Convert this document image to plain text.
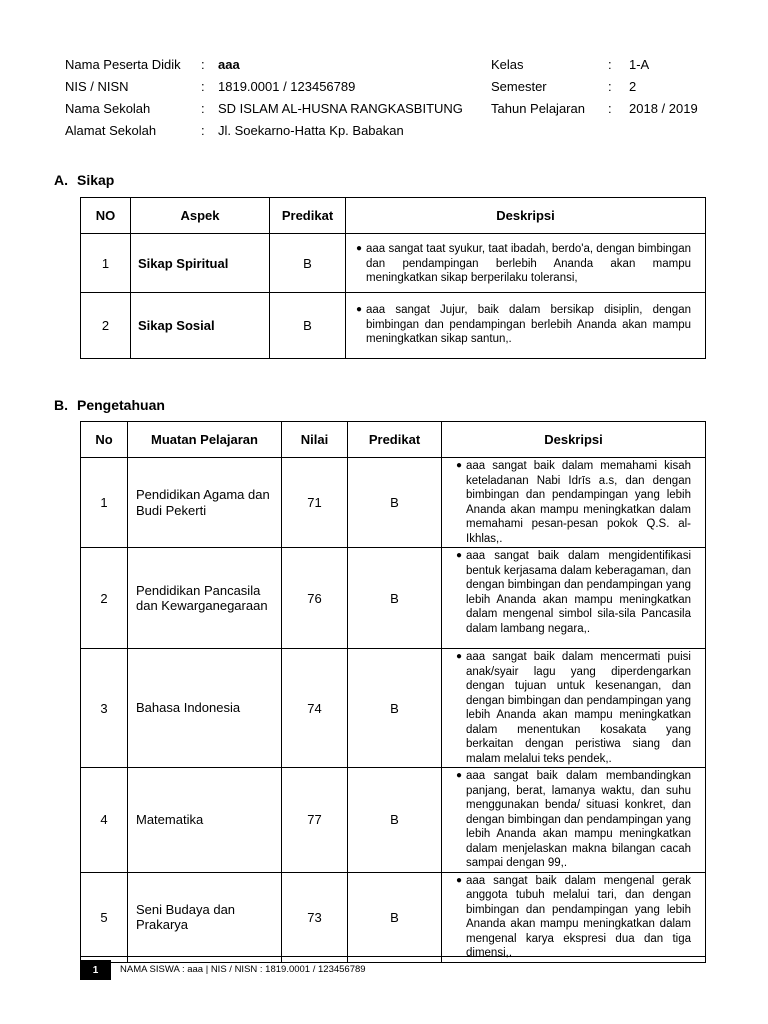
Nama Peserta Didik	:	aaa
NIS / NISN	:	1819.0001 / 123456789
Nama Sekolah	:	SD ISLAM AL-HUSNA RANGKASBITUNG
Alamat Sekolah	:	Jl. Soekarno-Hatta Kp. Babakan
Kelas	:	1-A
Semester	:	2
Tahun Pelajaran	:	2018 / 2019
A. Sikap
NO	Aspek	Predikat	Deskripsi
1	Sikap Spiritual	B	● aaa sangat taat syukur, taat ibadah, berdo'a, dengan bimbingan dan pendampingan berlebih Ananda akan mampu meningkatkan sikap berperilaku toleransi,

2	Sikap Sosial	B	● aaa sangat Jujur, baik dalam bersikap disiplin, dengan bimbingan dan pendampingan berlebih Ananda akan mampu meningkatkan sikap santun,.
B. Pengetahuan
No	Muatan Pelajaran	Nilai	Predikat	Deskripsi
1	Pendidikan Agama dan Budi Pekerti	71	B	● aaa sangat baik dalam memahami kisah keteladanan Nabi Idrīs a.s, dan dengan bimbingan dan pendampingan yang lebih Ananda akan mampu meningkatkan dalam memahami pesan-pesan pokok Q.S. al-Ikhlas,.

2	Pendidikan Pancasila dan Kewarganegaraan	76	B	● aaa sangat baik dalam mengidentifikasi bentuk kerjasama dalam keberagaman, dan dengan bimbingan dan pendampingan yang lebih Ananda akan mampu meningkatkan dalam mengenal simbol sila-sila Pancasila dalam lambang negara,.

3	Bahasa Indonesia	74	B	● aaa sangat baik dalam mencermati puisi anak/syair lagu yang diperdengarkan dengan tujuan untuk kesenangan, dan dengan bimbingan dan pendampingan yang lebih Ananda akan mampu meningkatkan dalam menentukan kosakata yang berkaitan dengan peristiwa siang dan malam melalui teks pendek,.

4	Matematika	77	B	● aaa sangat baik dalam membandingkan panjang, berat, lamanya waktu, dan suhu menggunakan benda/ situasi konkret, dan dengan bimbingan dan pendampingan yang lebih Ananda akan mampu meningkatkan dalam menjelaskan makna bilangan cacah sampai dengan 99,.

5	Seni Budaya dan Prakarya	73	B	● aaa sangat baik dalam mengenal gerak anggota tubuh melalui tari, dan dengan bimbingan dan pendampingan yang lebih Ananda akan mampu meningkatkan dalam mengenal karya ekspresi dua dan tiga dimensi,.
1	NAMA SISWA : aaa | NIS / NISN : 1819.0001 / 123456789
